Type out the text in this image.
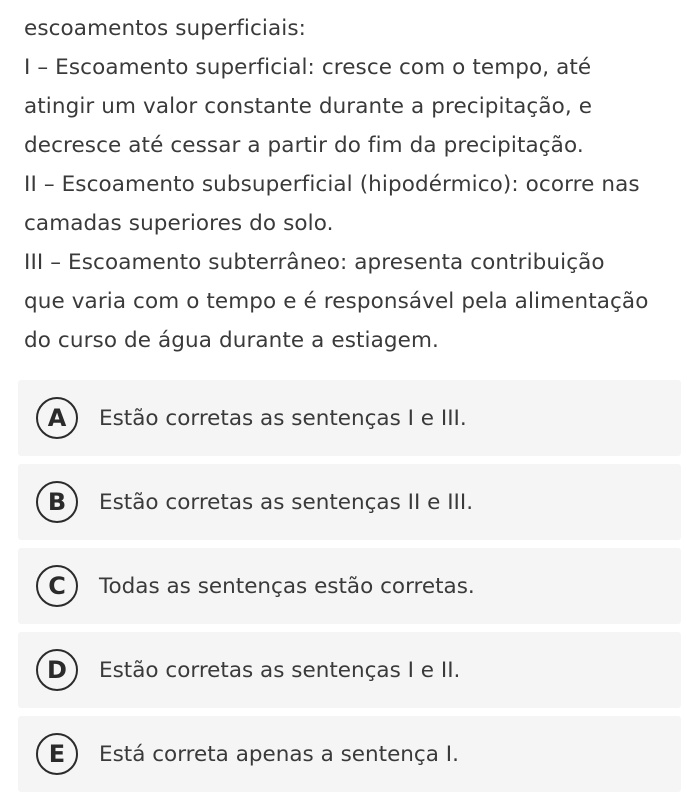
escoamentos superficiais:
I – Escoamento superficial: cresce com o tempo, até
atingir um valor constante durante a precipitação, e
decresce até cessar a partir do fim da precipitação.
II – Escoamento subsuperficial (hipodérmico): ocorre nas
camadas superiores do solo.
III – Escoamento subterrâneo: apresenta contribuição
que varia com o tempo e é responsável pela alimentação
do curso de água durante a estiagem.
A	Estão corretas as sentenças I e III.
B	Estão corretas as sentenças II e III.
C	Todas as sentenças estão corretas.
D	Estão corretas as sentenças I e II.
E	Está correta apenas a sentença I.
